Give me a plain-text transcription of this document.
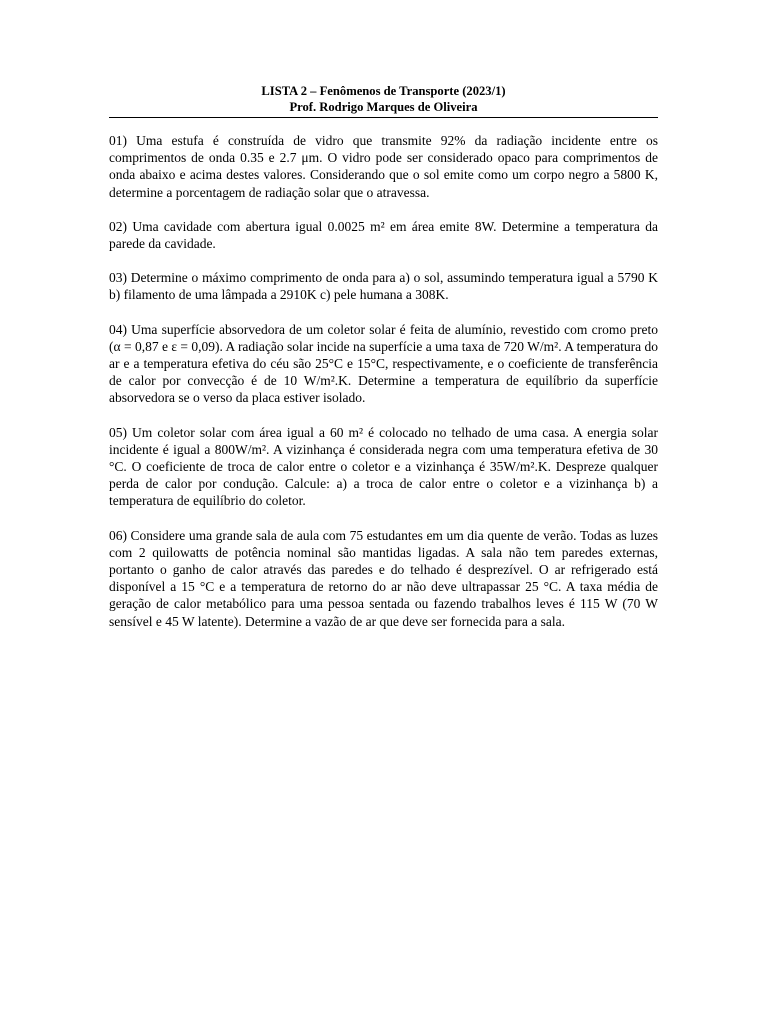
LISTA 2 – Fenômenos de Transporte (2023/1)
Prof. Rodrigo Marques de Oliveira

01) Uma estufa é construída de vidro que transmite 92% da radiação incidente entre os comprimentos de onda 0.35 e 2.7 μm. O vidro pode ser considerado opaco para comprimentos de onda abaixo e acima destes valores. Considerando que o sol emite como um corpo negro a 5800 K, determine a porcentagem de radiação solar que o atravessa.

02) Uma cavidade com abertura igual 0.0025 m² em área emite 8W. Determine a temperatura da parede da cavidade.

03) Determine o máximo comprimento de onda para a) o sol, assumindo temperatura igual a 5790 K b) filamento de uma lâmpada a 2910K c) pele humana a 308K.

04) Uma superfície absorvedora de um coletor solar é feita de alumínio, revestido com cromo preto (α = 0,87 e ε = 0,09). A radiação solar incide na superfície a uma taxa de 720 W/m². A temperatura do ar e a temperatura efetiva do céu são 25°C e 15°C, respectivamente, e o coeficiente de transferência de calor por convecção é de 10 W/m².K. Determine a temperatura de equilíbrio da superfície absorvedora se o verso da placa estiver isolado.

05) Um coletor solar com área igual a 60 m² é colocado no telhado de uma casa. A energia solar incidente é igual a 800W/m². A vizinhança é considerada negra com uma temperatura efetiva de 30 °C. O coeficiente de troca de calor entre o coletor e a vizinhança é 35W/m².K. Despreze qualquer perda de calor por condução. Calcule: a) a troca de calor entre o coletor e a vizinhança b) a temperatura de equilíbrio do coletor.

06) Considere uma grande sala de aula com 75 estudantes em um dia quente de verão. Todas as luzes com 2 quilowatts de potência nominal são mantidas ligadas. A sala não tem paredes externas, portanto o ganho de calor através das paredes e do telhado é desprezível. O ar refrigerado está disponível a 15 °C e a temperatura de retorno do ar não deve ultrapassar 25 °C. A taxa média de geração de calor metabólico para uma pessoa sentada ou fazendo trabalhos leves é 115 W (70 W sensível e 45 W latente). Determine a vazão de ar que deve ser fornecida para a sala.
